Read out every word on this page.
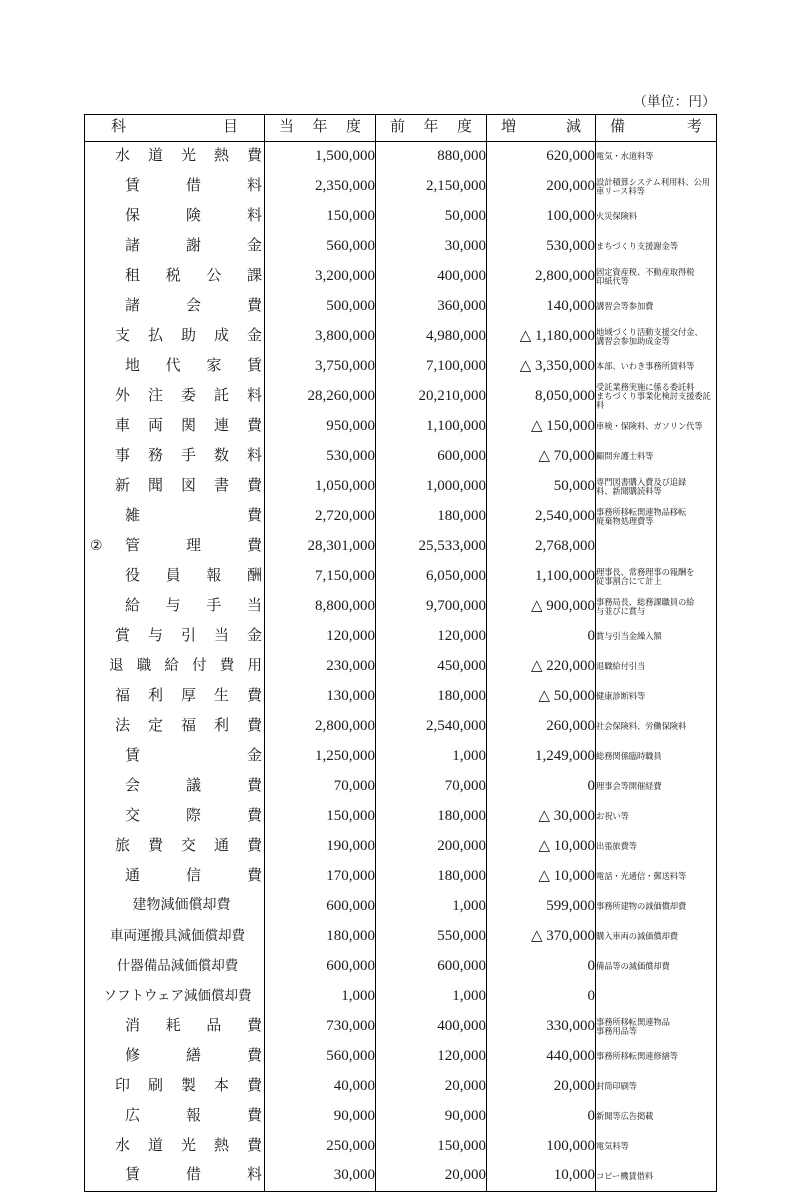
（単位：円）
科　　目	当 年 度	前 年 度	増　減	備　考

水道光熱費	1,500,000	880,000	620,000	電気・水道料等

賃借料	2,350,000	2,150,000	200,000	設計積算システム利用料、公用
車リース料等

保険料	150,000	50,000	100,000	火災保険料

諸謝金	560,000	30,000	530,000	まちづくり支援謝金等

租税公課	3,200,000	400,000	2,800,000	固定資産税、不動産取得税
印紙代等

諸会費	500,000	360,000	140,000	講習会等参加費

支払助成金	3,800,000	4,980,000	△ 1,180,000	地域づくり活動支援交付金、
講習会参加助成金等

地代家賃	3,750,000	7,100,000	△ 3,350,000	本部、いわき事務所賃料等

外注委託料	28,260,000	20,210,000	8,050,000	受託業務実施に係る委託料
まちづくり事業化検討支援委託料

車両関連費	950,000	1,100,000	△ 150,000	車検・保険料、ガソリン代等

事務手数料	530,000	600,000	△ 70,000	顧問弁護士料等

新聞図書費	1,050,000	1,000,000	50,000	専門図書購入費及び追録
料、新聞購読料等

雑費	2,720,000	180,000	2,540,000	事務所移転関連物品移転
廃棄物処理費等

② 管理費	28,301,000	25,533,000	2,768,000	

役員報酬	7,150,000	6,050,000	1,100,000	理事長、常務理事の報酬を
従事割合にて計上

給与手当	8,800,000	9,700,000	△ 900,000	事務局長、総務課職員の給
与並びに賞与

賞与引当金	120,000	120,000	0	賞与引当金繰入額

退職給付費用	230,000	450,000	△ 220,000	退職給付引当

福利厚生費	130,000	180,000	△ 50,000	健康診断料等

法定福利費	2,800,000	2,540,000	260,000	社会保険料、労働保険料

賃金	1,250,000	1,000	1,249,000	総務関係臨時職員

会議費	70,000	70,000	0	理事会等開催経費

交際費	150,000	180,000	△ 30,000	お祝い等

旅費交通費	190,000	200,000	△ 10,000	出張旅費等

通信費	170,000	180,000	△ 10,000	電話・光通信・郵送料等

建物減価償却費	600,000	1,000	599,000	事務所建物の減価償却費

車両運搬具減価償却費	180,000	550,000	△ 370,000	購入車両の減価償却費

什器備品減価償却費	600,000	600,000	0	備品等の減価償却費

ソフトウェア減価償却費	1,000	1,000	0	

消耗品費	730,000	400,000	330,000	事務所移転関連物品
事務用品等

修繕費	560,000	120,000	440,000	事務所移転関連修繕等

印刷製本費	40,000	20,000	20,000	封筒印刷等

広報費	90,000	90,000	0	新聞等広告掲載

水道光熱費	250,000	150,000	100,000	電気料等

賃借料	30,000	20,000	10,000	コピー機賃借料
